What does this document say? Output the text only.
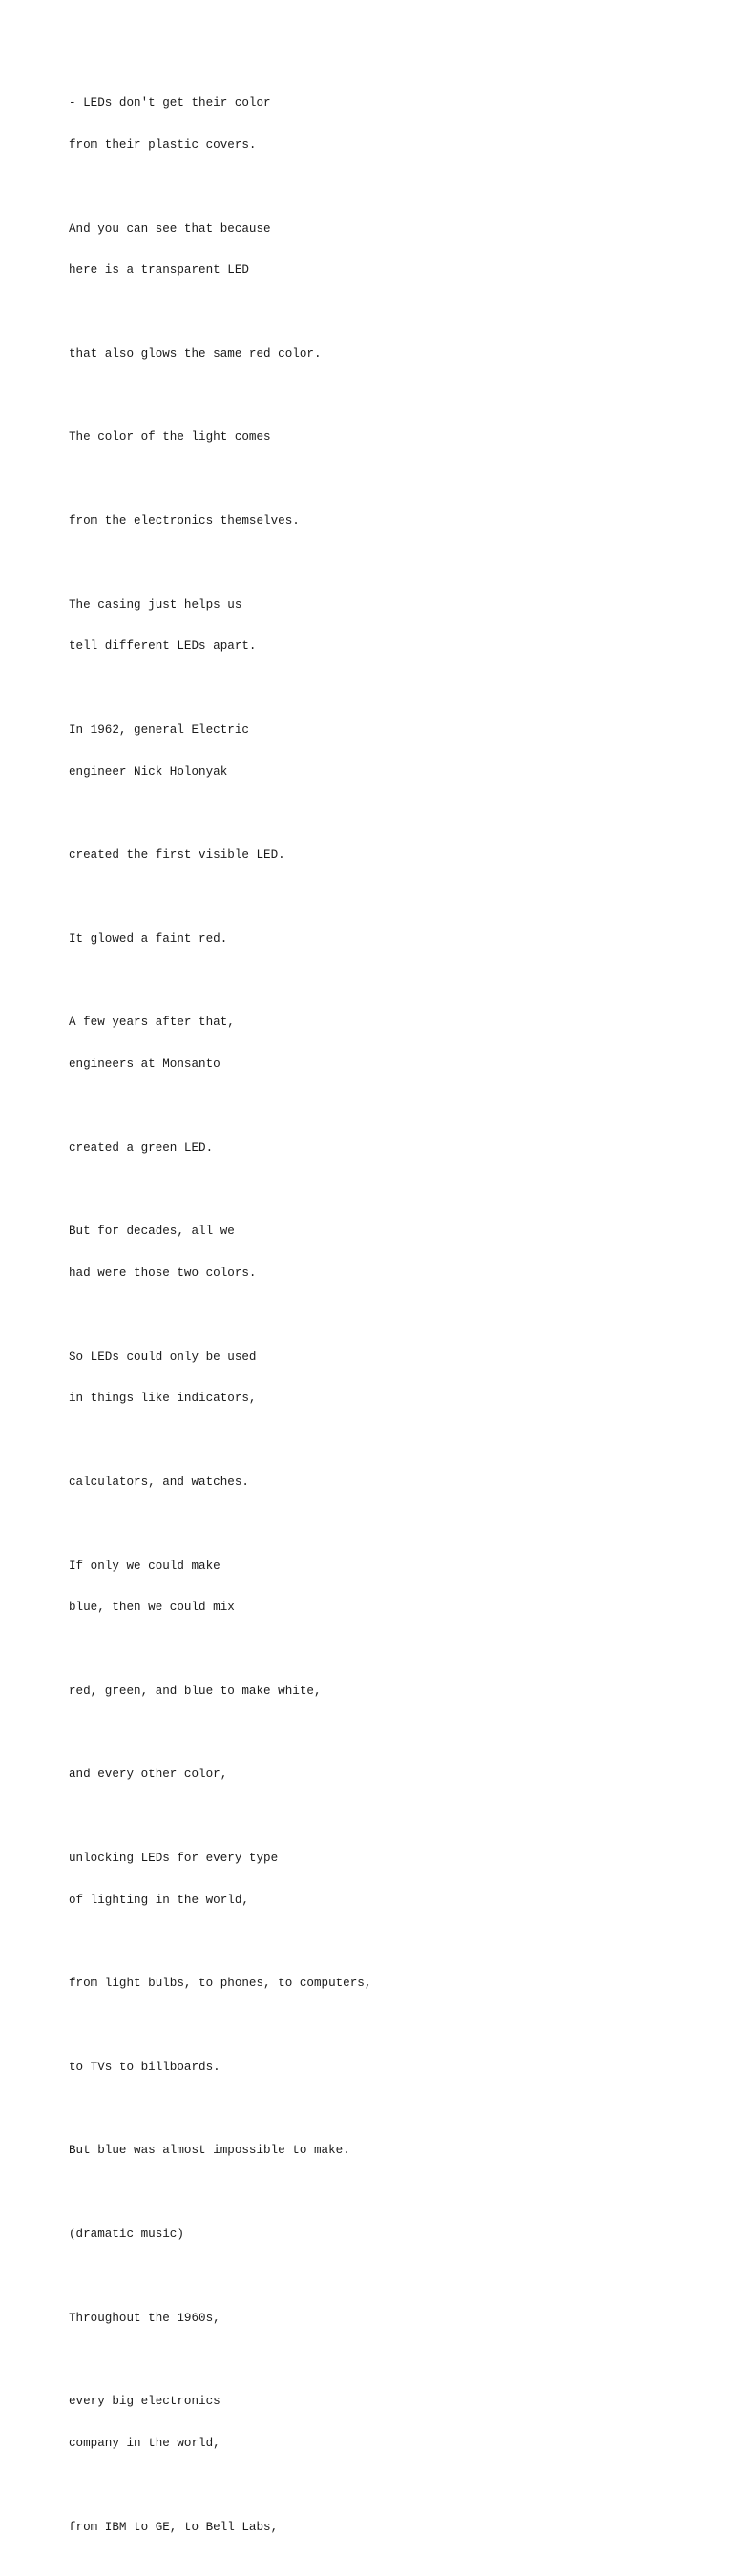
- LEDs don't get their color

from their plastic covers.

And you can see that because

here is a transparent LED

that also glows the same red color.

The color of the light comes

from the electronics themselves.

The casing just helps us

tell different LEDs apart.

In 1962, general Electric

engineer Nick Holonyak

created the first visible LED.

It glowed a faint red.

A few years after that,

engineers at Monsanto

created a green LED.

But for decades, all we

had were those two colors.

So LEDs could only be used

in things like indicators,

calculators, and watches.

If only we could make

blue, then we could mix

red, green, and blue to make white,

and every other color,

unlocking LEDs for every type

of lighting in the world,

from light bulbs, to phones, to computers,

to TVs to billboards.

But blue was almost impossible to make.

(dramatic music)

Throughout the 1960s,

every big electronics

company in the world,

from IBM to GE, to Bell Labs,
